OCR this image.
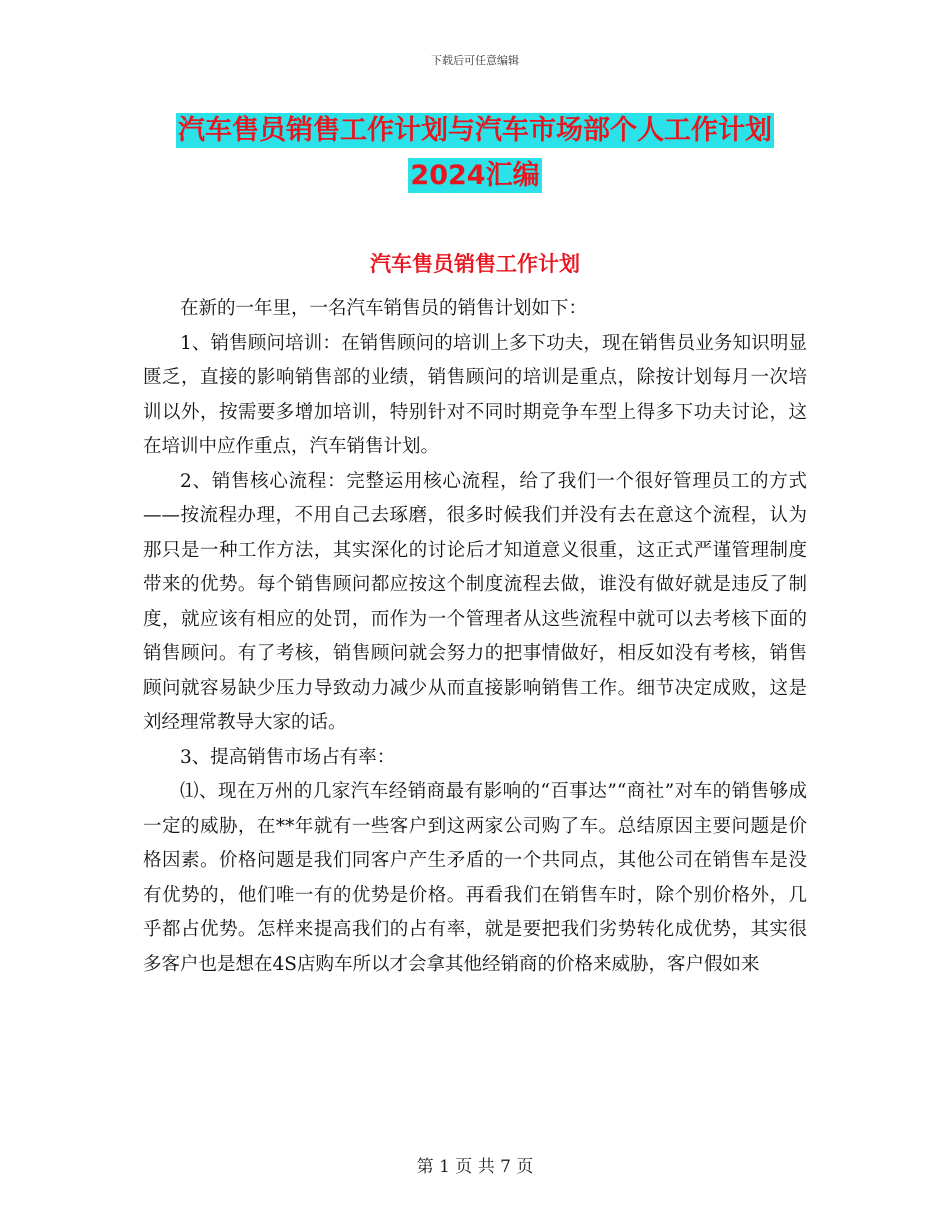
下载后可任意编辑
汽车售员销售工作计划与汽车市场部个人工作计划
2024汇编
汽车售员销售工作计划

在新的一年里，一名汽车销售员的销售计划如下：

1、销售顾问培训：在销售顾问的培训上多下功夫，现在销售员业务知识明显匮乏，直接的影响销售部的业绩，销售顾问的培训是重点，除按计划每月一次培训以外，按需要多增加培训，特别针对不同时期竞争车型上得多下功夫讨论，这在培训中应作重点，汽车销售计划。

2、销售核心流程：完整运用核心流程，给了我们一个很好管理员工的方式——按流程办理，不用自己去琢磨，很多时候我们并没有去在意这个流程，认为那只是一种工作方法，其实深化的讨论后才知道意义很重，这正式严谨管理制度带来的优势。每个销售顾问都应按这个制度流程去做，谁没有做好就是违反了制度，就应该有相应的处罚，而作为一个管理者从这些流程中就可以去考核下面的销售顾问。有了考核，销售顾问就会努力的把事情做好，相反如没有考核，销售顾问就容易缺少压力导致动力减少从而直接影响销售工作。细节决定成败，这是刘经理常教导大家的话。

3、提高销售市场占有率：

⑴、现在万州的几家汽车经销商最有影响的“百事达”“商社”对车的销售够成一定的威胁，在**年就有一些客户到这两家公司购了车。总结原因主要问题是价格因素。价格问题是我们同客户产生矛盾的一个共同点，其他公司在销售车是没有优势的，他们唯一有的优势是价格。再看我们在销售车时，除个别价格外，几乎都占优势。怎样来提高我们的占有率，就是要把我们劣势转化成优势，其实很多客户也是想在4S店购车所以才会拿其他经销商的价格来威胁，客户假如来

第 1 页 共 7 页
